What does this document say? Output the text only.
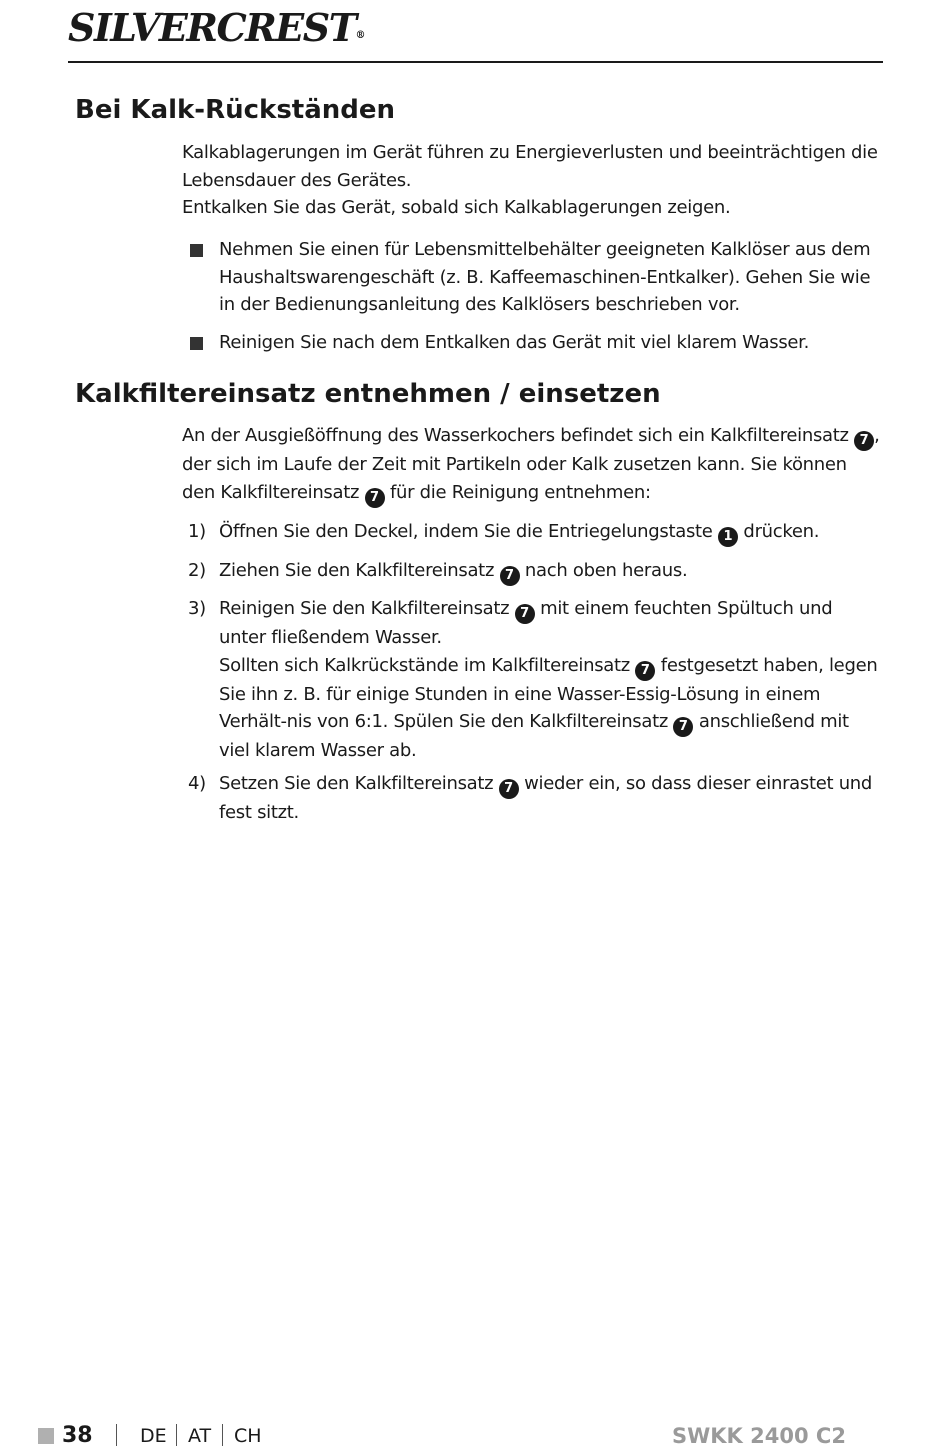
SILVERCREST®
Bei Kalk-Rückständen

Kalkablagerungen im Gerät führen zu Energieverlusten und beeinträchtigen die Lebensdauer des Gerätes.

Entkalken Sie das Gerät, sobald sich Kalkablagerungen zeigen.

Nehmen Sie einen für Lebensmittelbehälter geeigneten Kalklöser aus dem Haushaltswarengeschäft (z. B. Kaffeemaschinen-Entkalker). Gehen Sie wie in der Bedienungsanleitung des Kalklösers beschrieben vor.
Reinigen Sie nach dem Entkalken das Gerät mit viel klarem Wasser.
Kalkfiltereinsatz entnehmen / einsetzen

An der Ausgießöffnung des Wasserkochers befindet sich ein Kalkfiltereinsatz 7 , der sich im Laufe der Zeit mit Partikeln oder Kalk zusetzen kann. Sie können den Kalkfiltereinsatz 7 für die Reinigung entnehmen:

1) Öffnen Sie den Deckel, indem Sie die Entriegelungstaste 1 drücken.
2) Ziehen Sie den Kalkfiltereinsatz 7 nach oben heraus.
3) Reinigen Sie den Kalkfiltereinsatz 7 mit einem feuchten Spültuch und unter fließendem Wasser.
Sollten sich Kalkrückstände im Kalkfiltereinsatz 7 festgesetzt haben, legen Sie ihn z. B. für einige Stunden in eine Wasser-Essig-Lösung in einem Verhält-nis von 6:1. Spülen Sie den Kalkfiltereinsatz 7 anschließend mit viel klarem Wasser ab.
4) Setzen Sie den Kalkfiltereinsatz 7 wieder ein, so dass dieser einrastet und fest sitzt.
38 DE AT CH	SWKK 2400 C2
